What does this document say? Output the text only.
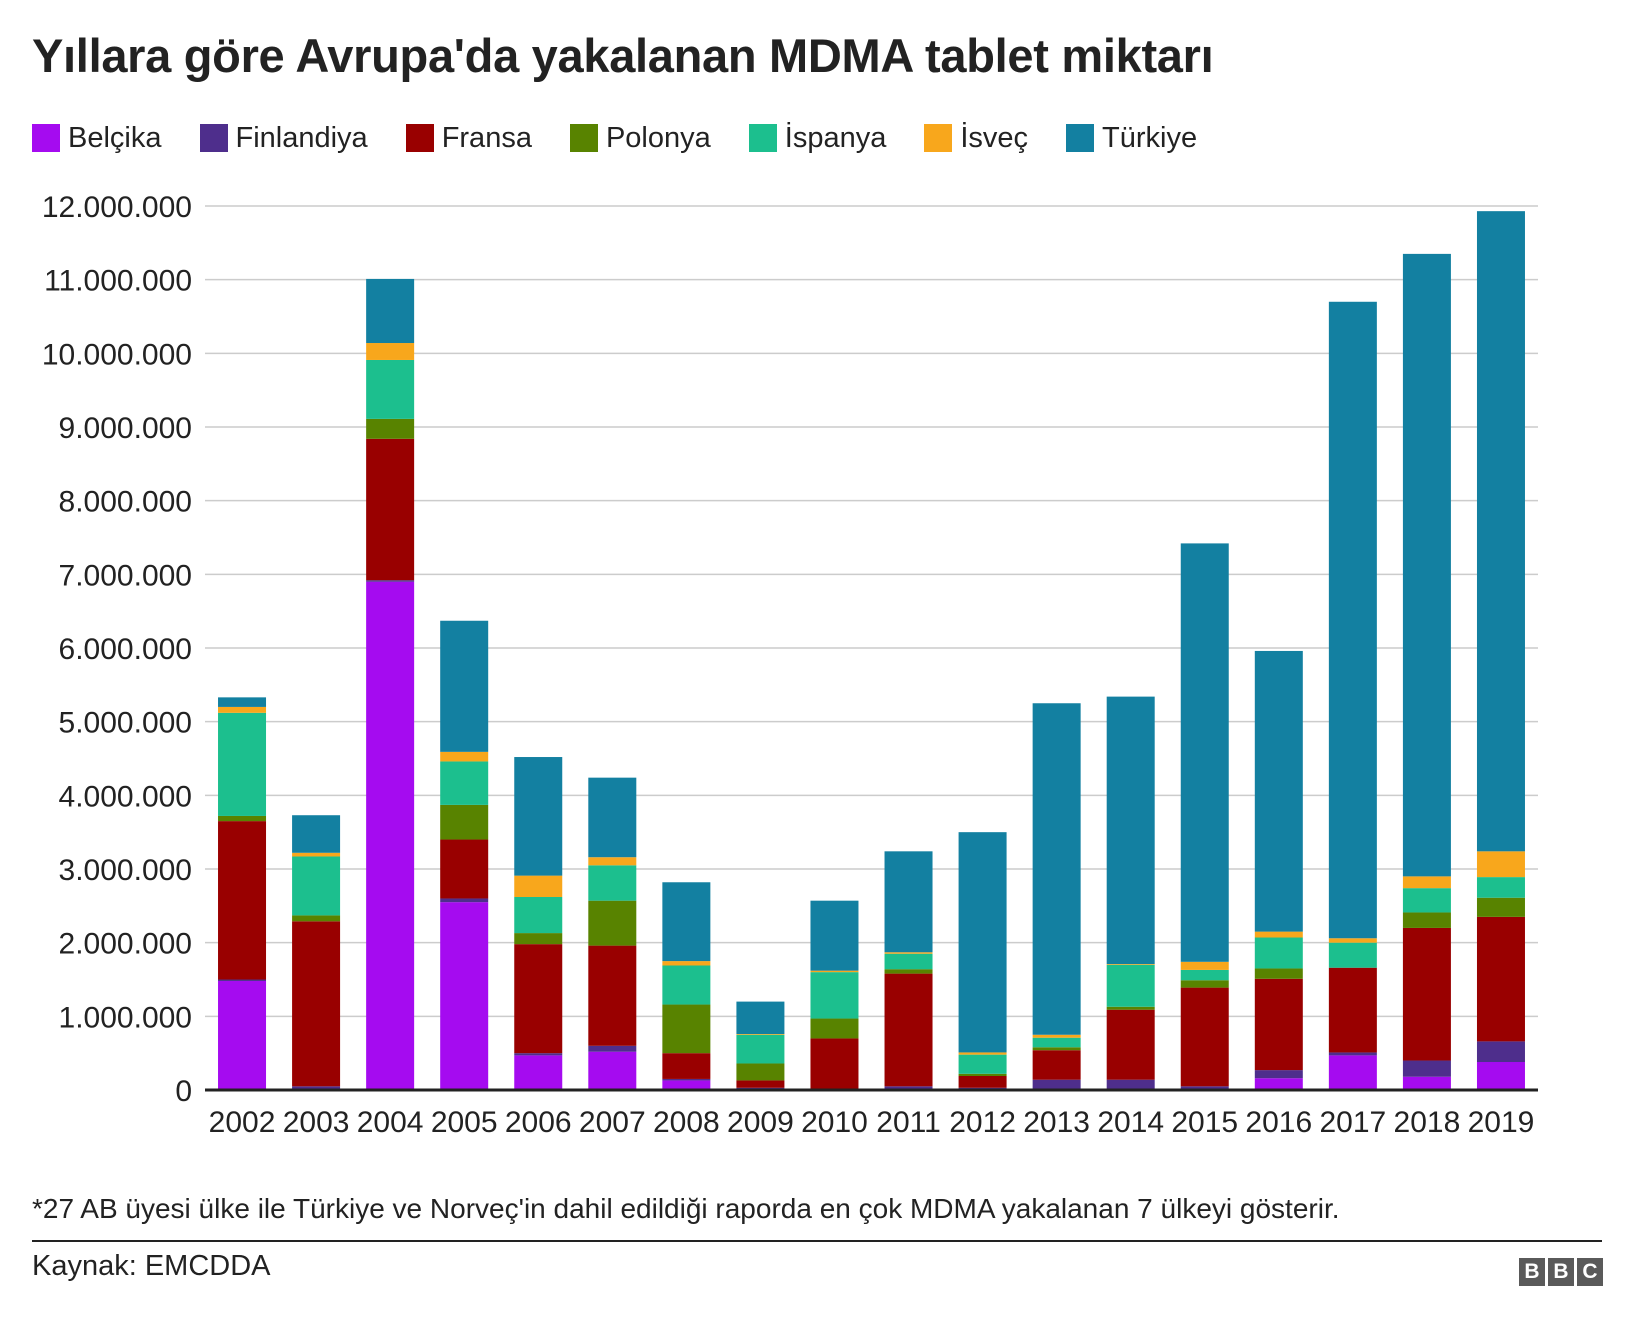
Yıllara göre Avrupa'da yakalanan MDMA tablet miktarı
Belçika	Finlandiya	Fransa	Polonya	İspanya	İsveç	Türkiye
0
1.000.000
2.000.000
3.000.000
4.000.000
5.000.000
6.000.000
7.000.000
8.000.000
9.000.000
10.000.000
11.000.000
12.000.000
2002 2003 2004 2005 2006 2007 2008 2009 2010 2011 2012 2013 2014 2015 2016 2017 2018 2019
*27 AB üyesi ülke ile Türkiye ve Norveç'in dahil edildiği raporda en çok MDMA yakalanan 7 ülkeyi gösterir.
Kaynak: EMCDDA	B B C
